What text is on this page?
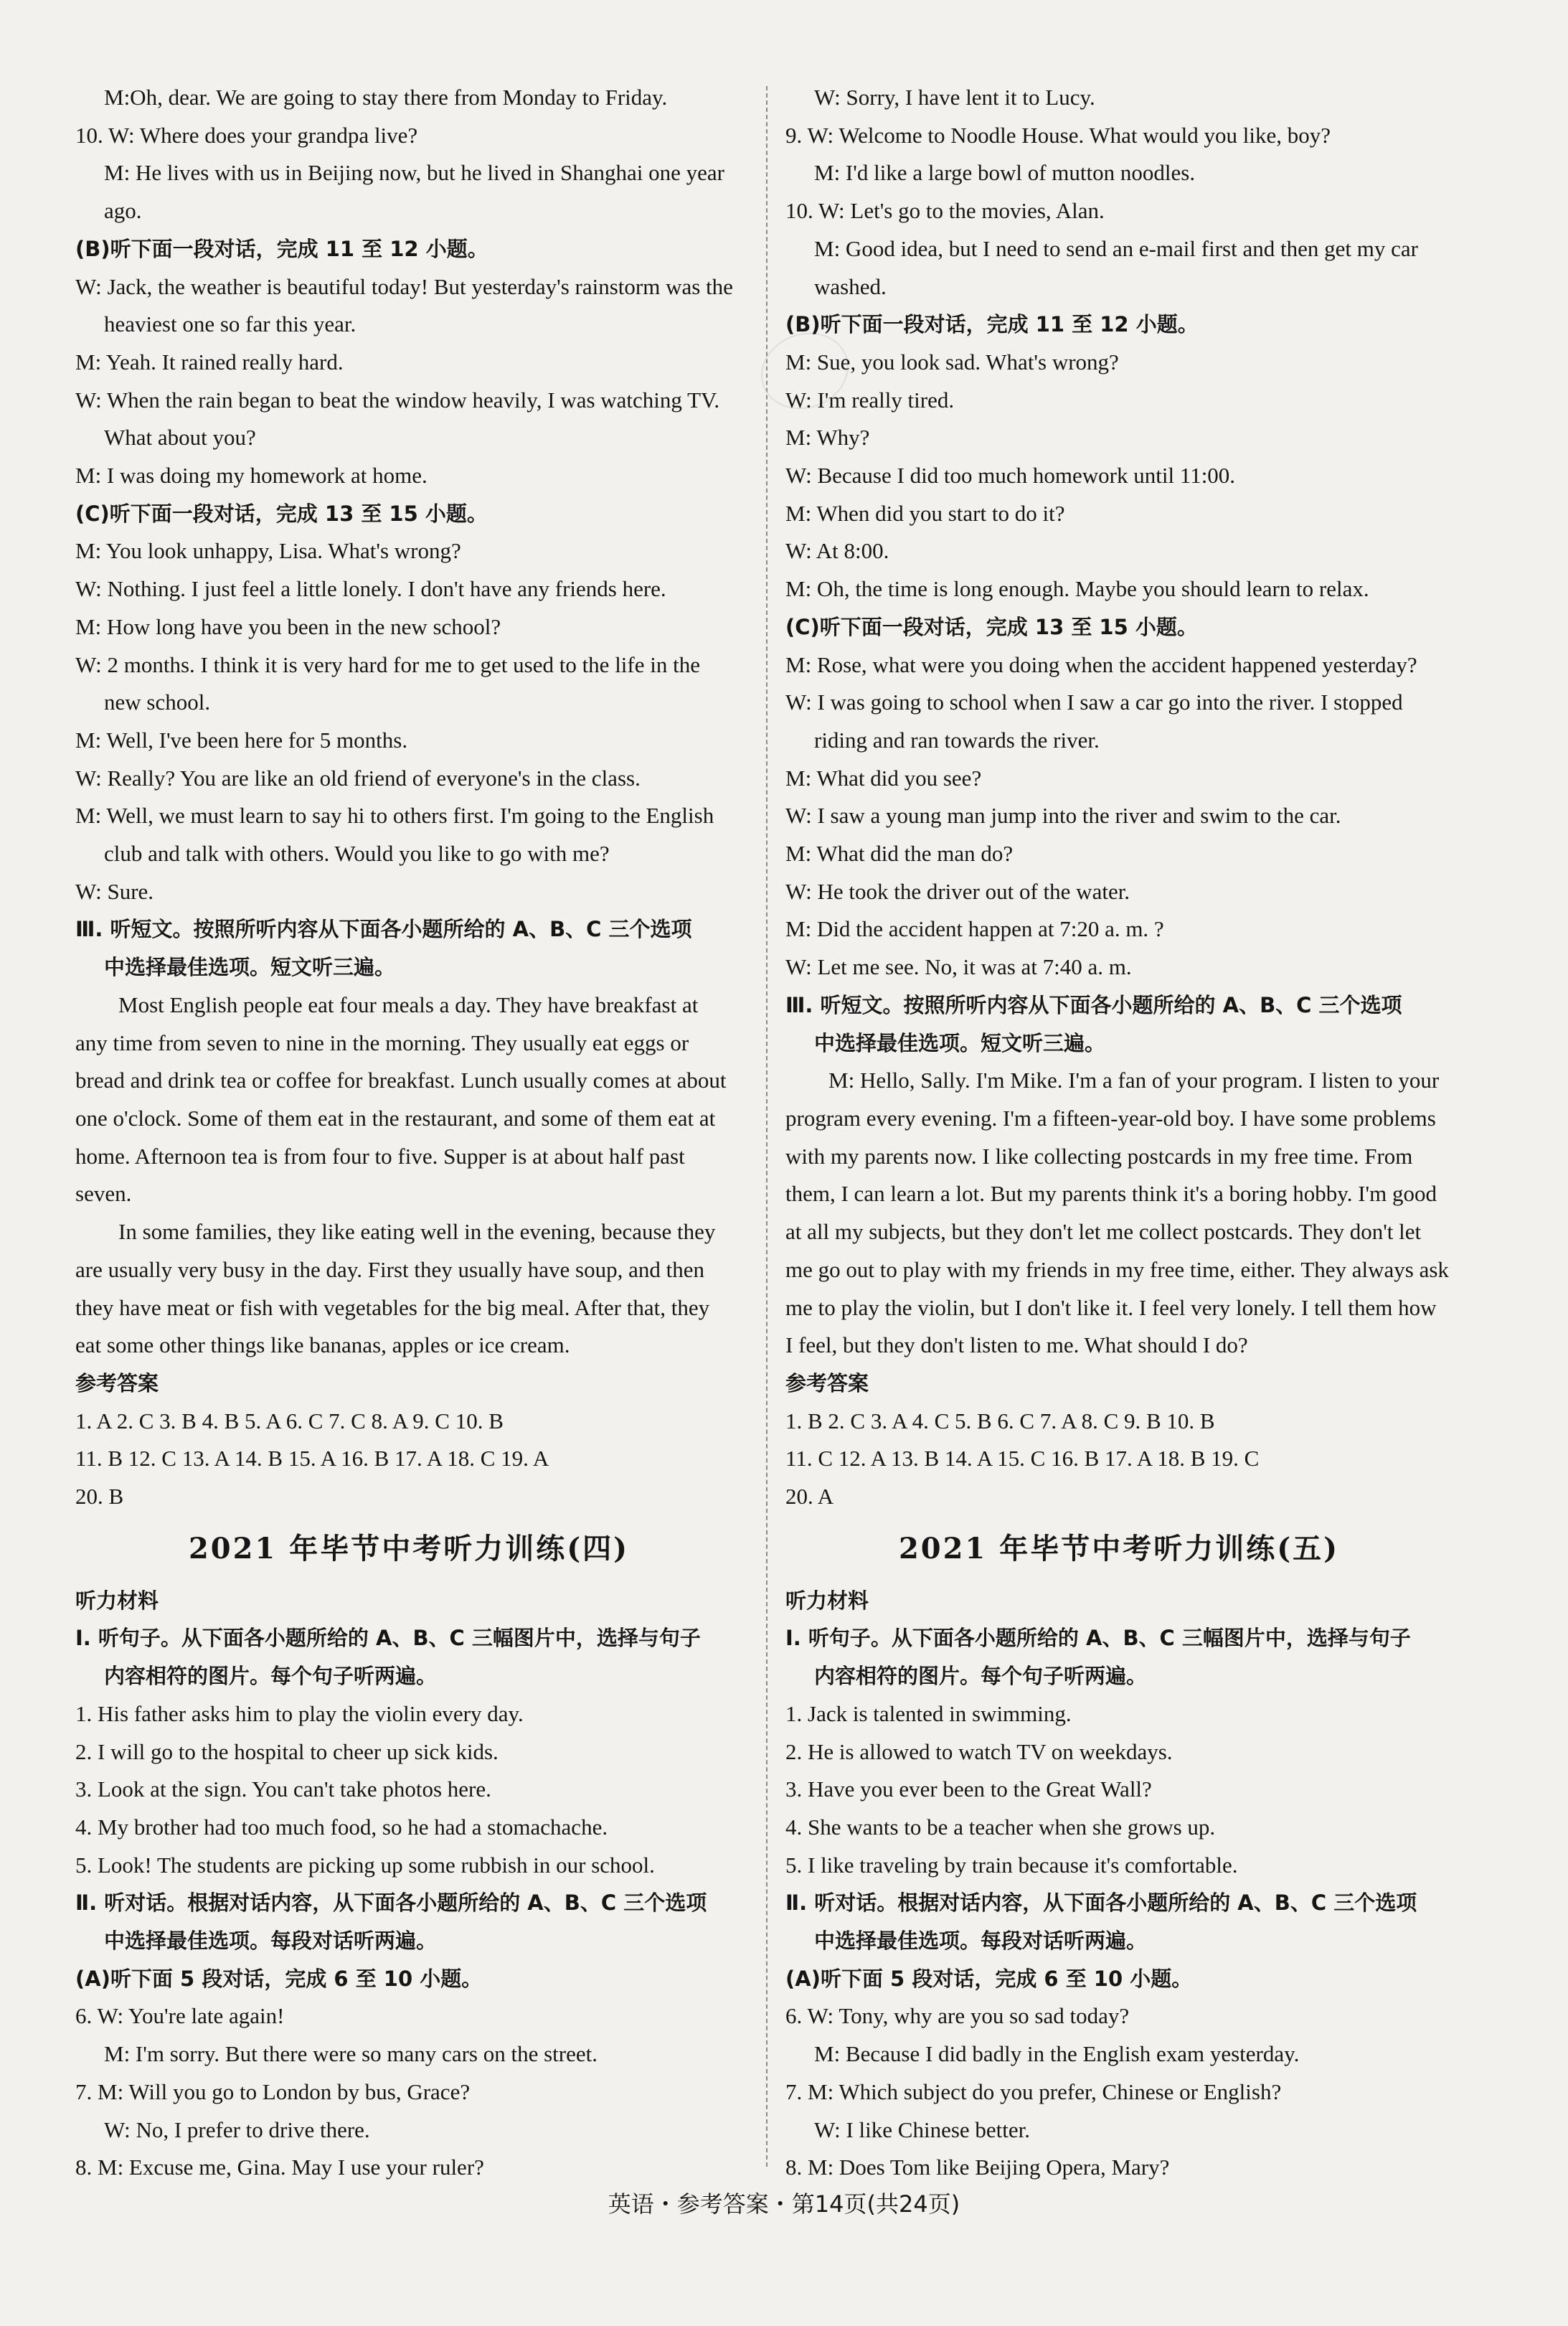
M:Oh, dear. We are going to stay there from Monday to Friday.
10. W: Where does your grandpa live?
M: He lives with us in Beijing now, but he lived in Shanghai one year
ago.
(B)听下面一段对话，完成 11 至 12 小题。
W: Jack, the weather is beautiful today! But yesterday's rainstorm was the
heaviest one so far this year.
M: Yeah. It rained really hard.
W: When the rain began to beat the window heavily, I was watching TV.
What about you?
M: I was doing my homework at home.
(C)听下面一段对话，完成 13 至 15 小题。
M: You look unhappy, Lisa. What's wrong?
W: Nothing. I just feel a little lonely. I don't have any friends here.
M: How long have you been in the new school?
W: 2 months. I think it is very hard for me to get used to the life in the
new school.
M: Well, I've been here for 5 months.
W: Really? You are like an old friend of everyone's in the class.
M: Well, we must learn to say hi to others first. I'm going to the English
club and talk with others. Would you like to go with me?
W: Sure.
Ⅲ. 听短文。按照所听内容从下面各小题所给的 A、B、C 三个选项
中选择最佳选项。短文听三遍。
Most English people eat four meals a day. They have breakfast at
any time from seven to nine in the morning. They usually eat eggs or
bread and drink tea or coffee for breakfast. Lunch usually comes at about
one o'clock. Some of them eat in the restaurant, and some of them eat at
home. Afternoon tea is from four to five. Supper is at about half past
seven.
In some families, they like eating well in the evening, because they
are usually very busy in the day. First they usually have soup, and then
they have meat or fish with vegetables for the big meal. After that, they
eat some other things like bananas, apples or ice cream.
参考答案
1. A 2. C 3. B 4. B 5. A 6. C 7. C 8. A 9. C 10. B
11. B 12. C 13. A 14. B 15. A 16. B 17. A 18. C 19. A
20. B
2021 年毕节中考听力训练(四)
听力材料
Ⅰ. 听句子。从下面各小题所给的 A、B、C 三幅图片中，选择与句子
内容相符的图片。每个句子听两遍。
1. His father asks him to play the violin every day.
2. I will go to the hospital to cheer up sick kids.
3. Look at the sign. You can't take photos here.
4. My brother had too much food, so he had a stomachache.
5. Look! The students are picking up some rubbish in our school.
Ⅱ. 听对话。根据对话内容，从下面各小题所给的 A、B、C 三个选项
中选择最佳选项。每段对话听两遍。
(A)听下面 5 段对话，完成 6 至 10 小题。
6. W: You're late again!
M: I'm sorry. But there were so many cars on the street.
7. M: Will you go to London by bus, Grace?
W: No, I prefer to drive there.
8. M: Excuse me, Gina. May I use your ruler?
W: Sorry, I have lent it to Lucy.
9. W: Welcome to Noodle House. What would you like, boy?
M: I'd like a large bowl of mutton noodles.
10. W: Let's go to the movies, Alan.
M: Good idea, but I need to send an e-mail first and then get my car
washed.
(B)听下面一段对话，完成 11 至 12 小题。
M: Sue, you look sad. What's wrong?
W: I'm really tired.
M: Why?
W: Because I did too much homework until 11:00.
M: When did you start to do it?
W: At 8:00.
M: Oh, the time is long enough. Maybe you should learn to relax.
(C)听下面一段对话，完成 13 至 15 小题。
M: Rose, what were you doing when the accident happened yesterday?
W: I was going to school when I saw a car go into the river. I stopped
riding and ran towards the river.
M: What did you see?
W: I saw a young man jump into the river and swim to the car.
M: What did the man do?
W: He took the driver out of the water.
M: Did the accident happen at 7:20 a. m. ?
W: Let me see. No, it was at 7:40 a. m.
Ⅲ. 听短文。按照所听内容从下面各小题所给的 A、B、C 三个选项
中选择最佳选项。短文听三遍。
M: Hello, Sally. I'm Mike. I'm a fan of your program. I listen to your
program every evening. I'm a fifteen-year-old boy. I have some problems
with my parents now. I like collecting postcards in my free time. From
them, I can learn a lot. But my parents think it's a boring hobby. I'm good
at all my subjects, but they don't let me collect postcards. They don't let
me go out to play with my friends in my free time, either. They always ask
me to play the violin, but I don't like it. I feel very lonely. I tell them how
I feel, but they don't listen to me. What should I do?
参考答案
1. B 2. C 3. A 4. C 5. B 6. C 7. A 8. C 9. B 10. B
11. C 12. A 13. B 14. A 15. C 16. B 17. A 18. B 19. C
20. A
2021 年毕节中考听力训练(五)
听力材料
Ⅰ. 听句子。从下面各小题所给的 A、B、C 三幅图片中，选择与句子
内容相符的图片。每个句子听两遍。
1. Jack is talented in swimming.
2. He is allowed to watch TV on weekdays.
3. Have you ever been to the Great Wall?
4. She wants to be a teacher when she grows up.
5. I like traveling by train because it's comfortable.
Ⅱ. 听对话。根据对话内容，从下面各小题所给的 A、B、C 三个选项
中选择最佳选项。每段对话听两遍。
(A)听下面 5 段对话，完成 6 至 10 小题。
6. W: Tony, why are you so sad today?
M: Because I did badly in the English exam yesterday.
7. M: Which subject do you prefer, Chinese or English?
W: I like Chinese better.
8. M: Does Tom like Beijing Opera, Mary?
英语・参考答案・第14页(共24页)
